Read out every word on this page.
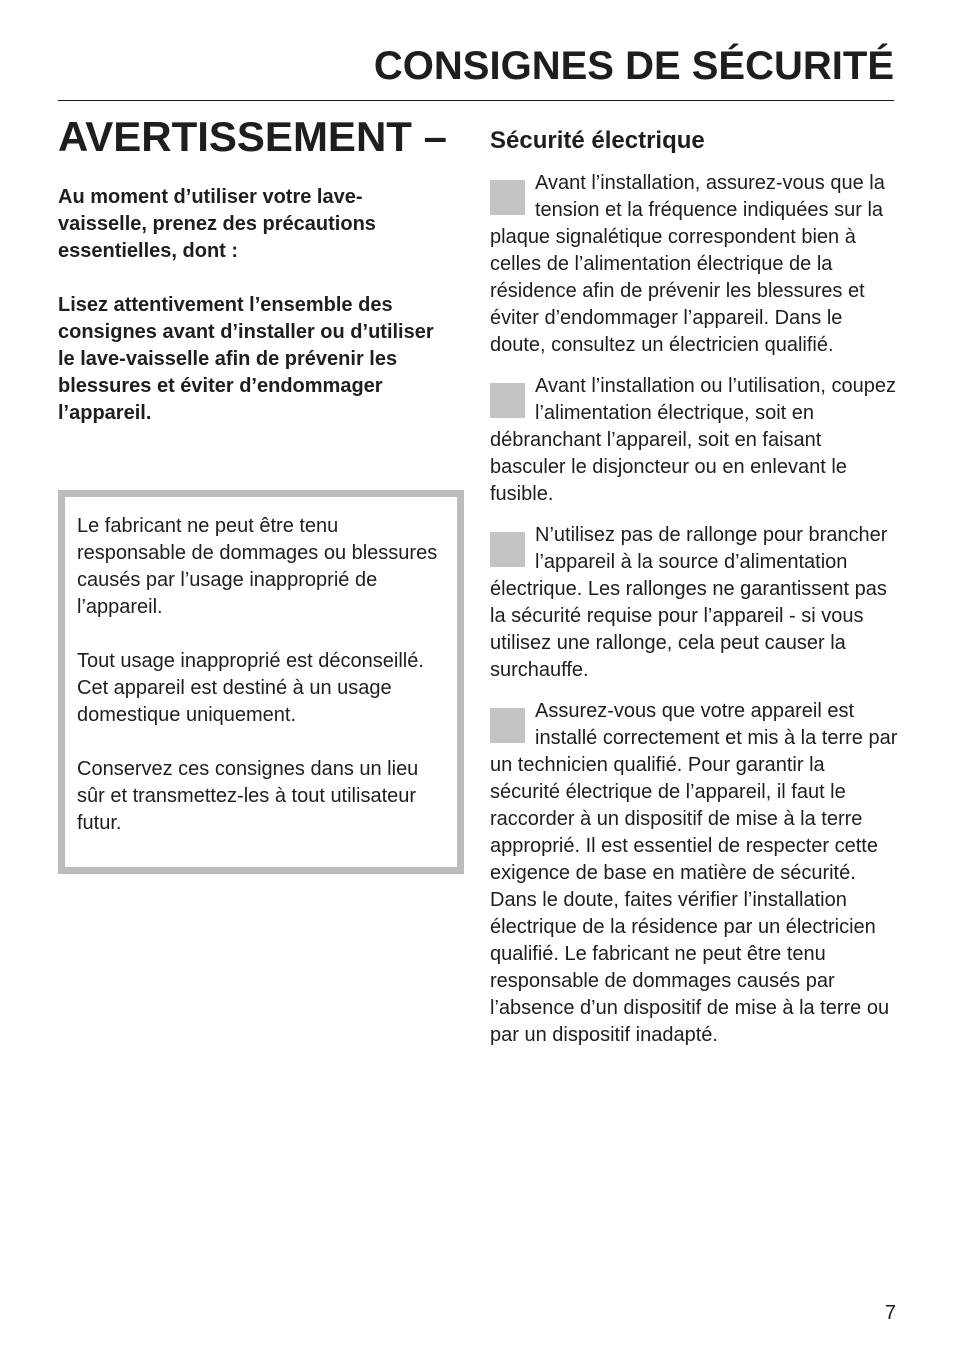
CONSIGNES DE SÉCURITÉ
AVERTISSEMENT –

Au moment d’utiliser votre lave-vaisselle, prenez des précautions essentielles, dont :

Lisez attentivement l’ensemble des consignes avant d’installer ou d’utiliser le lave-vaisselle afin de prévenir les blessures et éviter d’endommager l’appareil.

Le fabricant ne peut être tenu responsable de dommages ou blessures causés par l’usage inapproprié de l’appareil.

Tout usage inapproprié est déconseillé. Cet appareil est destiné à un usage domestique uniquement.

Conservez ces consignes dans un lieu sûr et transmettez-les à tout utilisateur futur.

Sécurité électrique
Avant l’installation, assurez-vous que la tension et la fréquence indiquées sur la plaque signalétique correspondent bien à celles de l’alimentation électrique de la résidence afin de prévenir les blessures et éviter d’endommager l’appareil. Dans le doute, consultez un électricien qualifié.
Avant l’installation ou l’utilisation, coupez l’alimentation électrique, soit en débranchant l’appareil, soit en faisant basculer le disjoncteur ou en enlevant le fusible.
N’utilisez pas de rallonge pour brancher l’appareil à la source d’alimentation électrique. Les rallonges ne garantissent pas la sécurité requise pour l’appareil - si vous utilisez une rallonge, cela peut causer la surchauffe.
Assurez-vous que votre appareil est installé correctement et mis à la terre par un technicien qualifié. Pour garantir la sécurité électrique de l’appareil, il faut le raccorder à un dispositif de mise à la terre approprié. Il est essentiel de respecter cette exigence de base en matière de sécurité. Dans le doute, faites vérifier l’installation électrique de la résidence par un électricien qualifié. Le fabricant ne peut être tenu responsable de dommages causés par l’absence d’un dispositif de mise à la terre ou par un dispositif inadapté.
7
